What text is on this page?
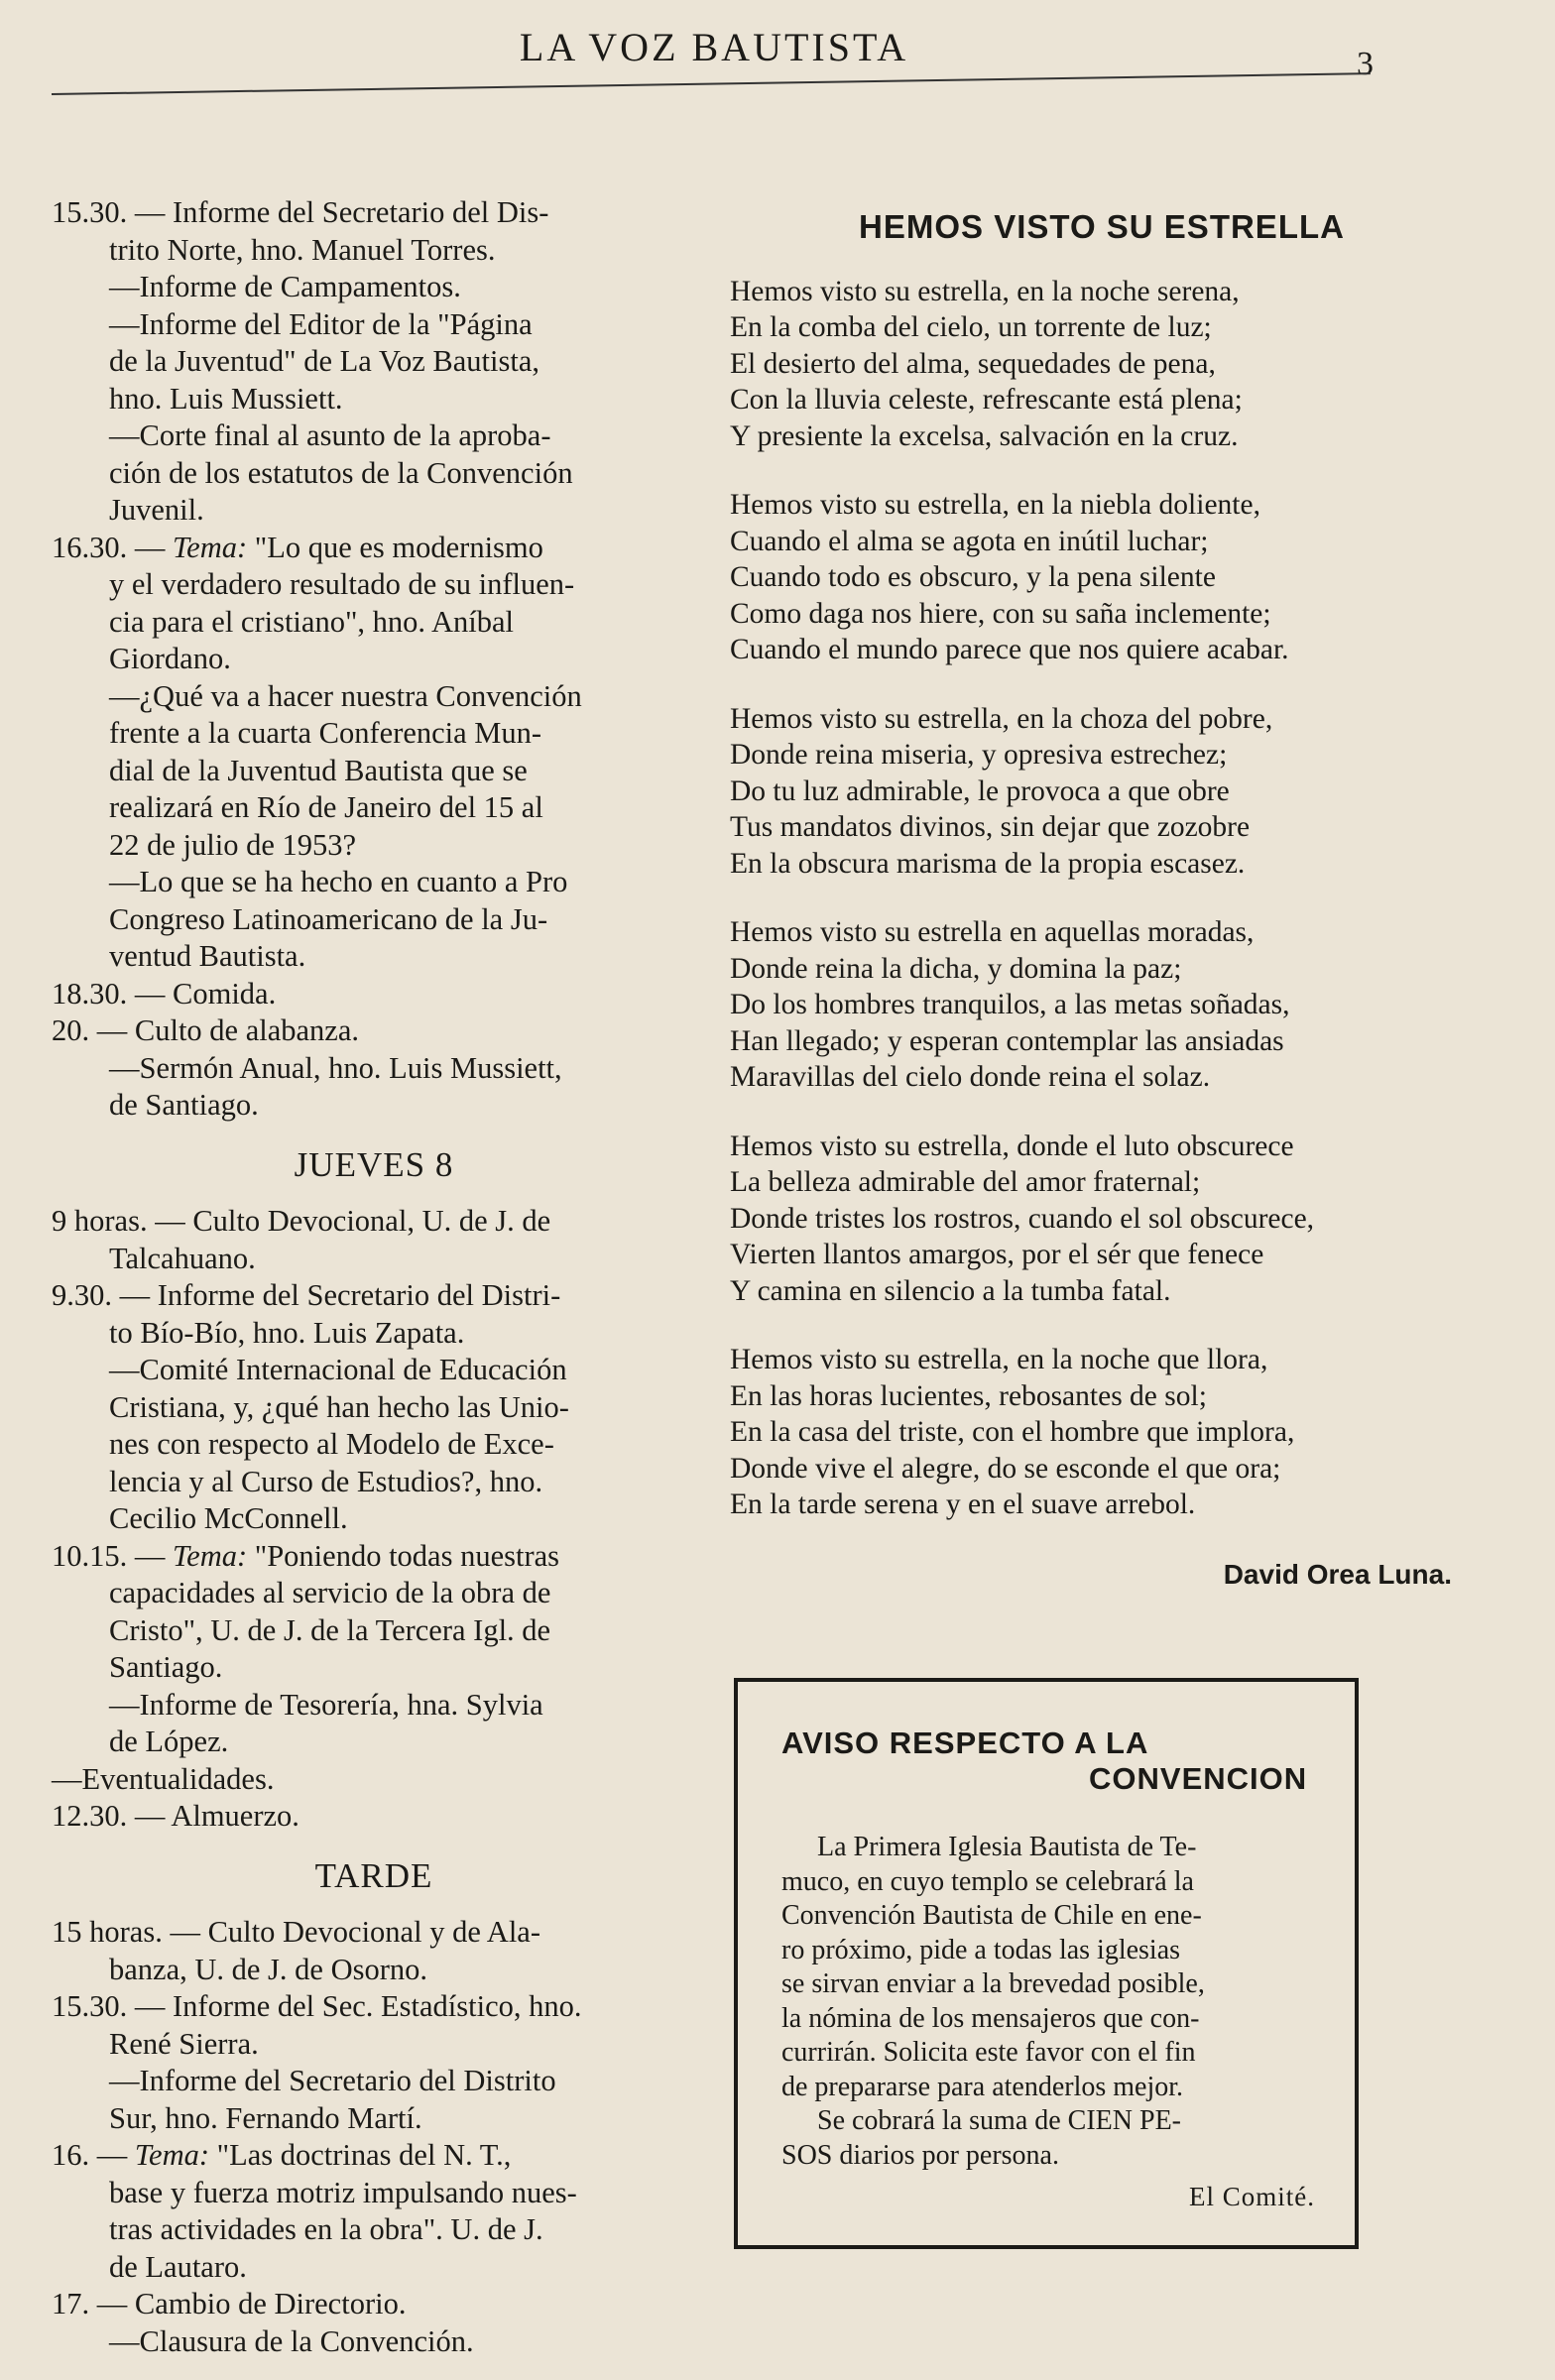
LA VOZ BAUTISTA	3
15.30. — Informe del Secretario del Dis-
trito Norte, hno. Manuel Torres.
—Informe de Campamentos.
—Informe del Editor de la "Página
de la Juventud" de La Voz Bautista,
hno. Luis Mussiett.
—Corte final al asunto de la aproba-
ción de los estatutos de la Convención
Juvenil.
16.30. — Tema: "Lo que es modernismo
y el verdadero resultado de su influen-
cia para el cristiano", hno. Aníbal
Giordano.
—¿Qué va a hacer nuestra Convención
frente a la cuarta Conferencia Mun-
dial de la Juventud Bautista que se
realizará en Río de Janeiro del 15 al
22 de julio de 1953?
—Lo que se ha hecho en cuanto a Pro
Congreso Latinoamericano de la Ju-
ventud Bautista.
18.30. — Comida.
20. — Culto de alabanza.
—Sermón Anual, hno. Luis Mussiett,
de Santiago.
JUEVES 8
9 horas. — Culto Devocional, U. de J. de
Talcahuano.
9.30. — Informe del Secretario del Distri-
to Bío-Bío, hno. Luis Zapata.
—Comité Internacional de Educación
Cristiana, y, ¿qué han hecho las Unio-
nes con respecto al Modelo de Exce-
lencia y al Curso de Estudios?, hno.
Cecilio McConnell.
10.15. — Tema: "Poniendo todas nuestras
capacidades al servicio de la obra de
Cristo", U. de J. de la Tercera Igl. de
Santiago.
—Informe de Tesorería, hna. Sylvia
de López.
—Eventualidades.
12.30. — Almuerzo.
TARDE
15 horas. — Culto Devocional y de Ala-
banza, U. de J. de Osorno.
15.30. — Informe del Sec. Estadístico, hno.
René Sierra.
—Informe del Secretario del Distrito
Sur, hno. Fernando Martí.
16. — Tema: "Las doctrinas del N. T.,
base y fuerza motriz impulsando nues-
tras actividades en la obra". U. de J.
de Lautaro.
17. — Cambio de Directorio.
—Clausura de la Convención.
HEMOS VISTO SU ESTRELLA
Hemos visto su estrella, en la noche serena,
En la comba del cielo, un torrente de luz;
El desierto del alma, sequedades de pena,
Con la lluvia celeste, refrescante está plena;
Y presiente la excelsa, salvación en la cruz.
Hemos visto su estrella, en la niebla doliente,
Cuando el alma se agota en inútil luchar;
Cuando todo es obscuro, y la pena silente
Como daga nos hiere, con su saña inclemente;
Cuando el mundo parece que nos quiere acabar.
Hemos visto su estrella, en la choza del pobre,
Donde reina miseria, y opresiva estrechez;
Do tu luz admirable, le provoca a que obre
Tus mandatos divinos, sin dejar que zozobre
En la obscura marisma de la propia escasez.
Hemos visto su estrella en aquellas moradas,
Donde reina la dicha, y domina la paz;
Do los hombres tranquilos, a las metas soñadas,
Han llegado; y esperan contemplar las ansiadas
Maravillas del cielo donde reina el solaz.
Hemos visto su estrella, donde el luto obscurece
La belleza admirable del amor fraternal;
Donde tristes los rostros, cuando el sol obscurece,
Vierten llantos amargos, por el sér que fenece
Y camina en silencio a la tumba fatal.
Hemos visto su estrella, en la noche que llora,
En las horas lucientes, rebosantes de sol;
En la casa del triste, con el hombre que implora,
Donde vive el alegre, do se esconde el que ora;
En la tarde serena y en el suave arrebol.
David Orea Luna.
AVISO RESPECTO A LA
CONVENCION
La Primera Iglesia Bautista de Te-
muco, en cuyo templo se celebrará la
Convención Bautista de Chile en ene-
ro próximo, pide a todas las iglesias
se sirvan enviar a la brevedad posible,
la nómina de los mensajeros que con-
currirán. Solicita este favor con el fin
de prepararse para atenderlos mejor.
Se cobrará la suma de CIEN PE-
SOS diarios por persona.
El Comité.
